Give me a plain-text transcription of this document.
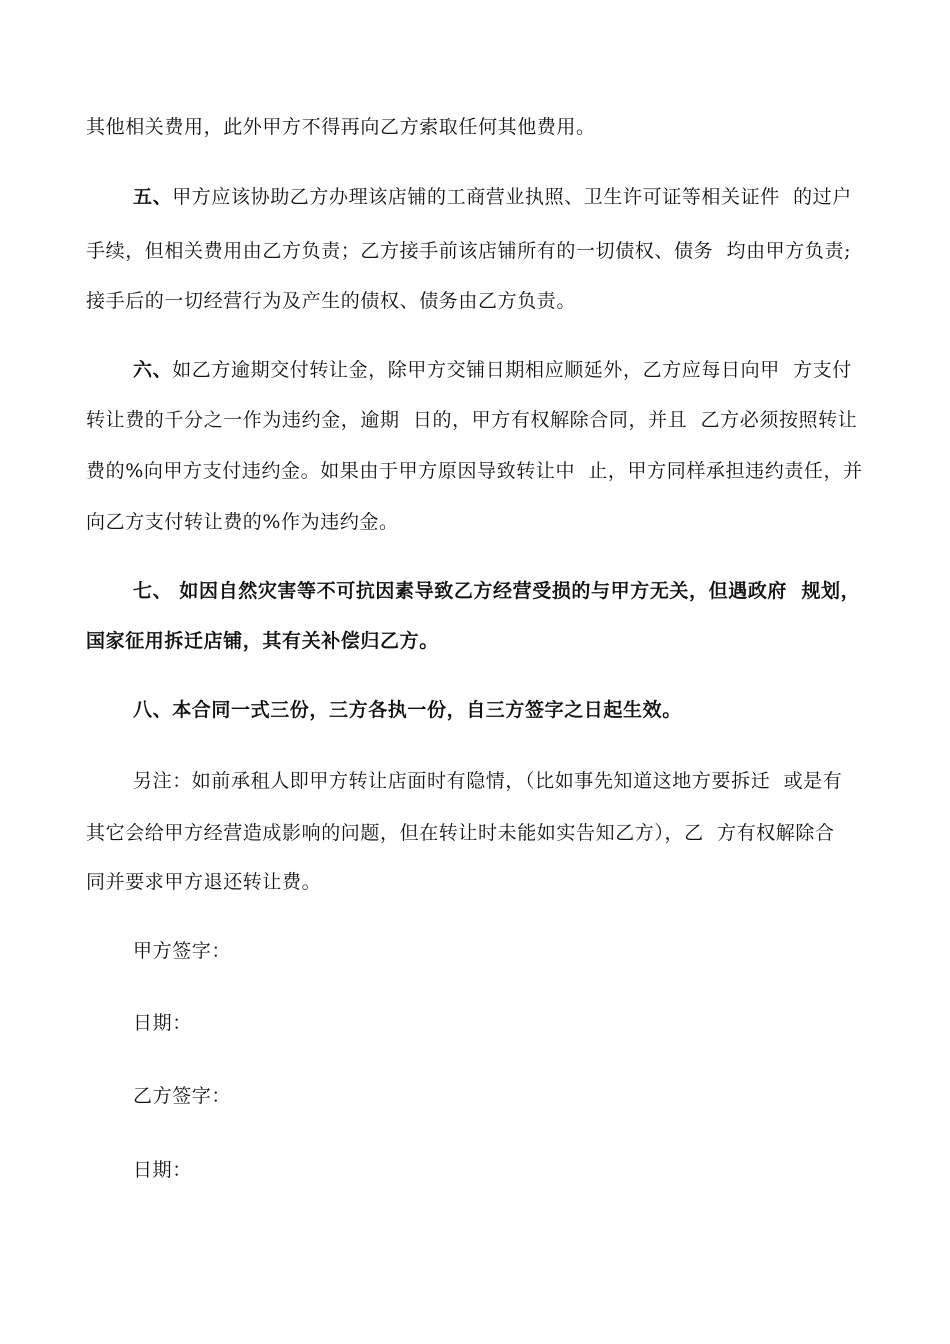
其他相关费用，此外甲方不得再向乙方索取任何其他费用。
五、甲方应该协助乙方办理该店铺的工商营业执照、卫生许可证等相关证件  的过户
手续，但相关费用由乙方负责；乙方接手前该店铺所有的一切债权、债务  均由甲方负责;
接手后的一切经营行为及产生的债权、债务由乙方负责。
六、如乙方逾期交付转让金，除甲方交铺日期相应顺延外，乙方应每日向甲  方支付
转让费的千分之一作为违约金，逾期  日的，甲方有权解除合同，并且  乙方必须按照转让
费的%向甲方支付违约金。如果由于甲方原因导致转让中  止，甲方同样承担违约责任，并
向乙方支付转让费的%作为违约金。
七、 如因自然灾害等不可抗因素导致乙方经营受损的与甲方无关，但遇政府  规划，
国家征用拆迁店铺，其有关补偿归乙方。
八、本合同一式三份，三方各执一份，自三方签字之日起生效。
另注：如前承租人即甲方转让店面时有隐情，（比如事先知道这地方要拆迁  或是有
其它会给甲方经营造成影响的问题，但在转让时未能如实告知乙方），乙  方有权解除合
同并要求甲方退还转让费。
甲方签字：
日期：
乙方签字：
日期：
